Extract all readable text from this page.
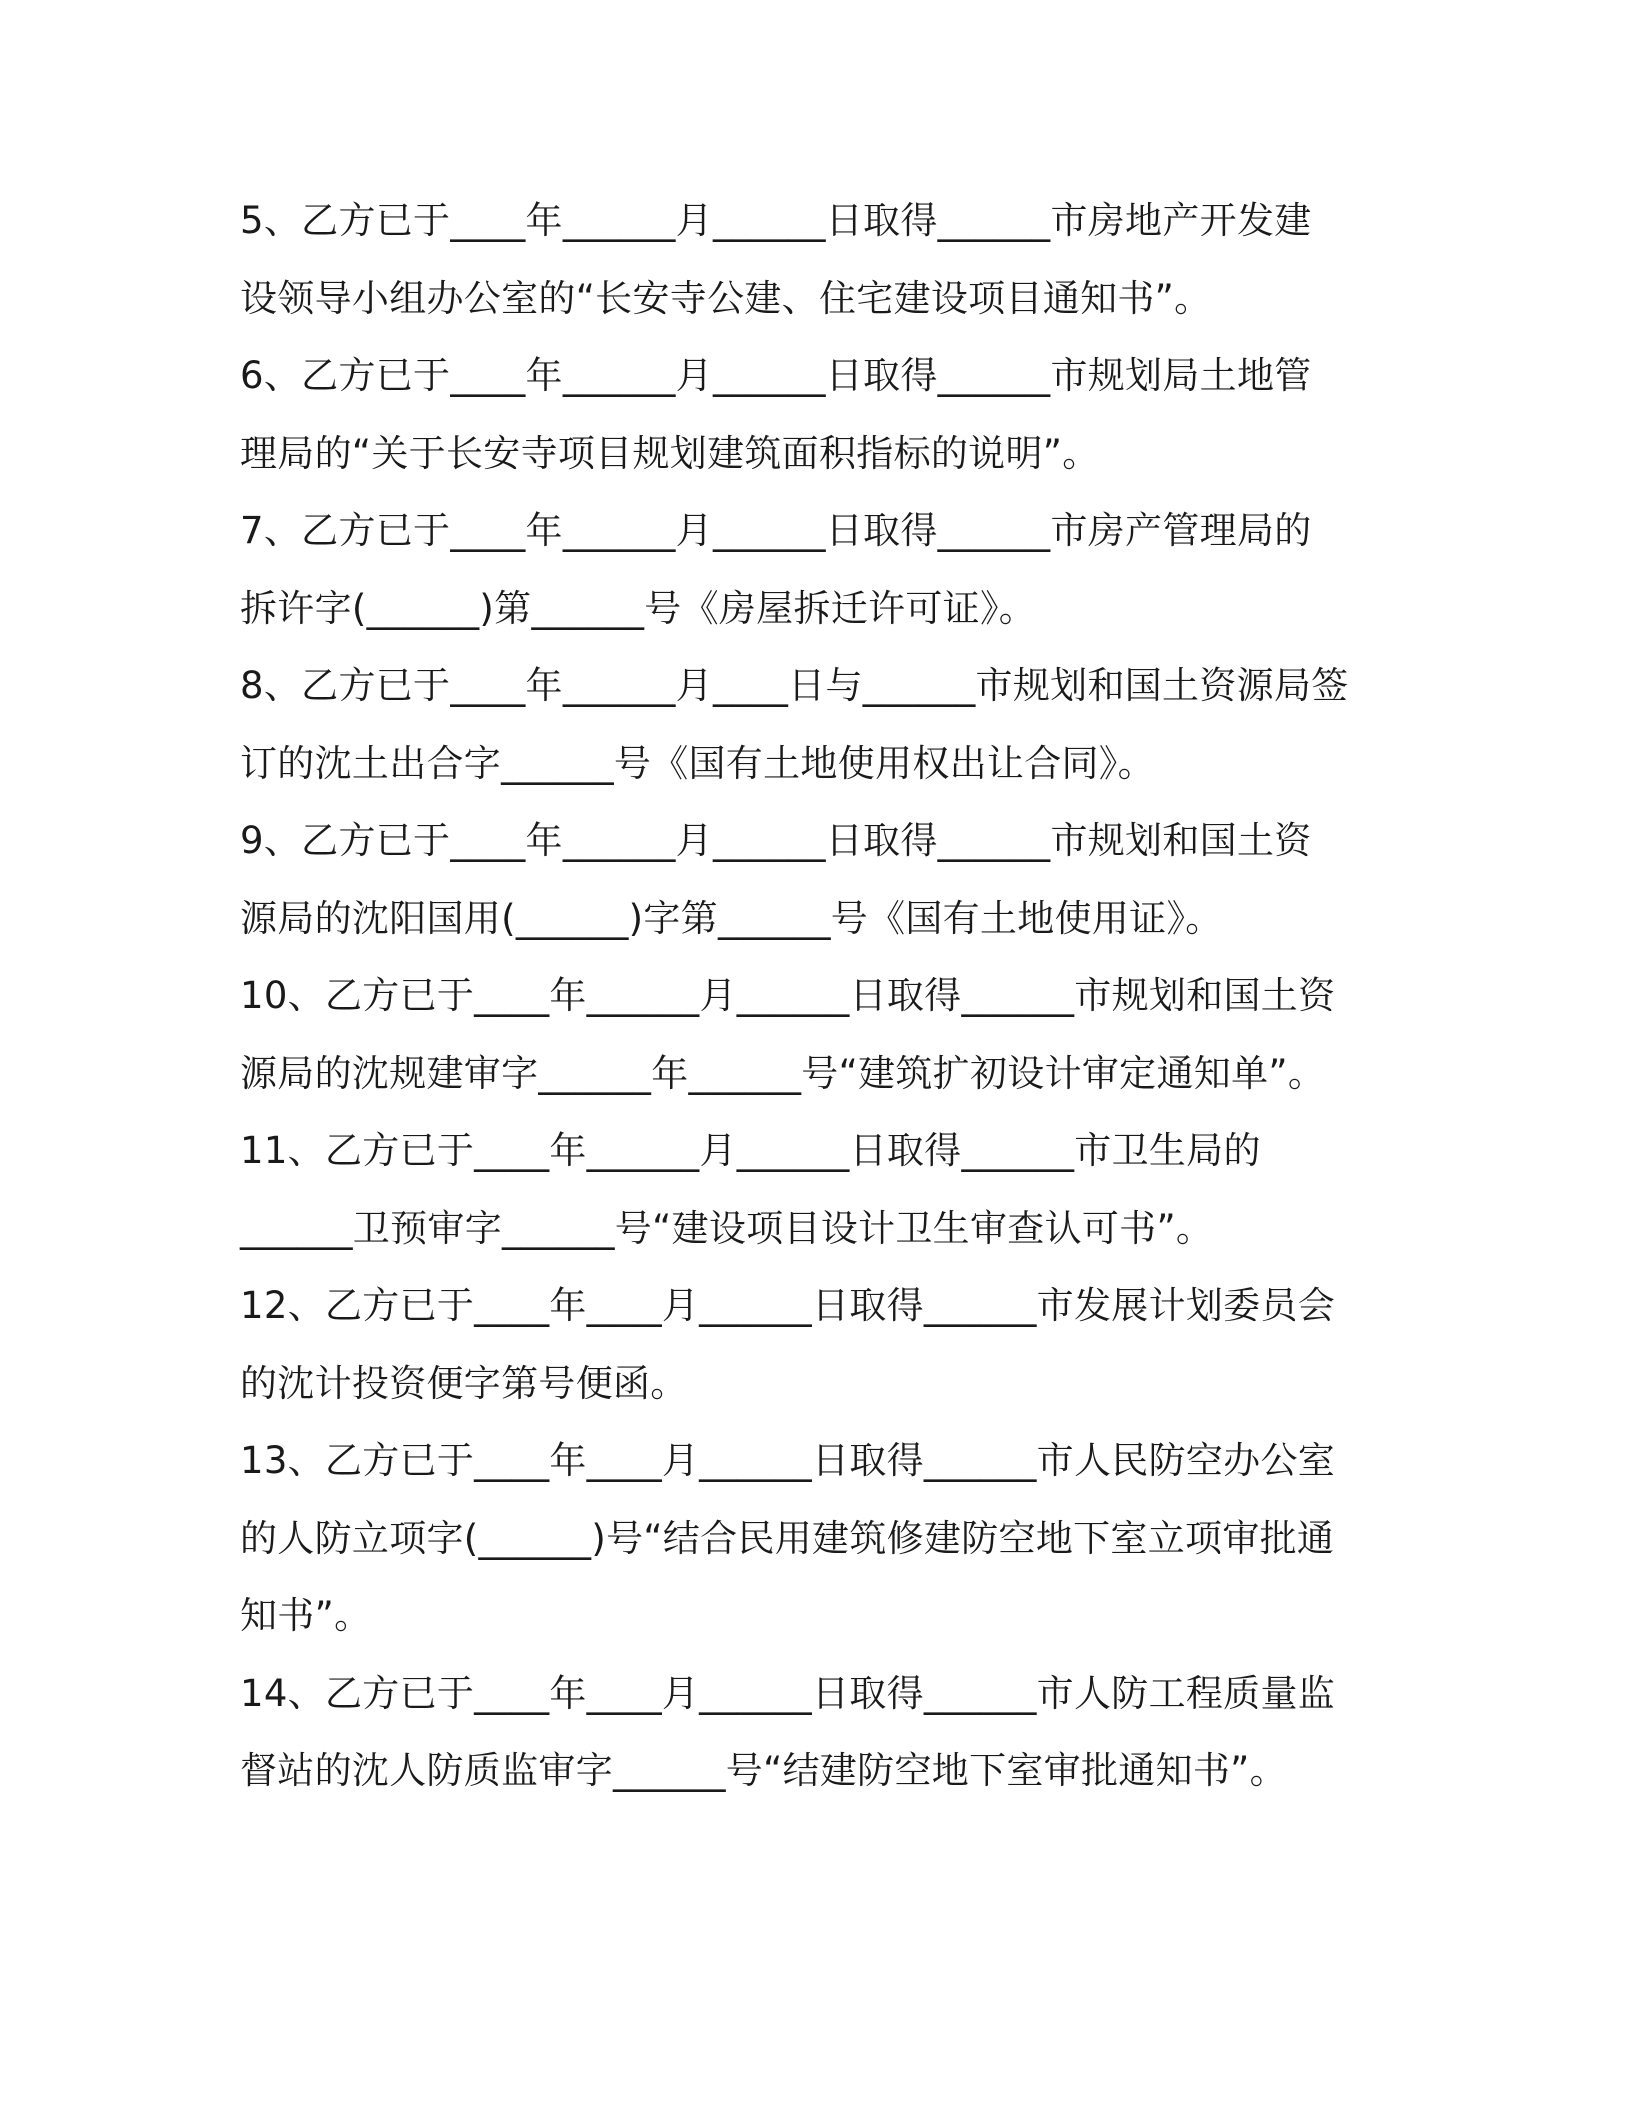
5、乙方已于____年______月______日取得______市房地产开发建
设领导小组办公室的“长安寺公建、住宅建设项目通知书”。
6、乙方已于____年______月______日取得______市规划局土地管
理局的“关于长安寺项目规划建筑面积指标的说明”。
7、乙方已于____年______月______日取得______市房产管理局的
拆许字(______)第______号《房屋拆迁许可证》。
8、乙方已于____年______月____日与______市规划和国土资源局签
订的沈土出合字______号《国有土地使用权出让合同》。
9、乙方已于____年______月______日取得______市规划和国土资
源局的沈阳国用(______)字第______号《国有土地使用证》。
10、乙方已于____年______月______日取得______市规划和国土资
源局的沈规建审字______年______号“建筑扩初设计审定通知单”。
11、乙方已于____年______月______日取得______市卫生局的
______卫预审字______号“建设项目设计卫生审查认可书”。
12、乙方已于____年____月______日取得______市发展计划委员会
的沈计投资便字第号便函。
13、乙方已于____年____月______日取得______市人民防空办公室
的人防立项字(______)号“结合民用建筑修建防空地下室立项审批通
知书”。
14、乙方已于____年____月______日取得______市人防工程质量监
督站的沈人防质监审字______号“结建防空地下室审批通知书”。
